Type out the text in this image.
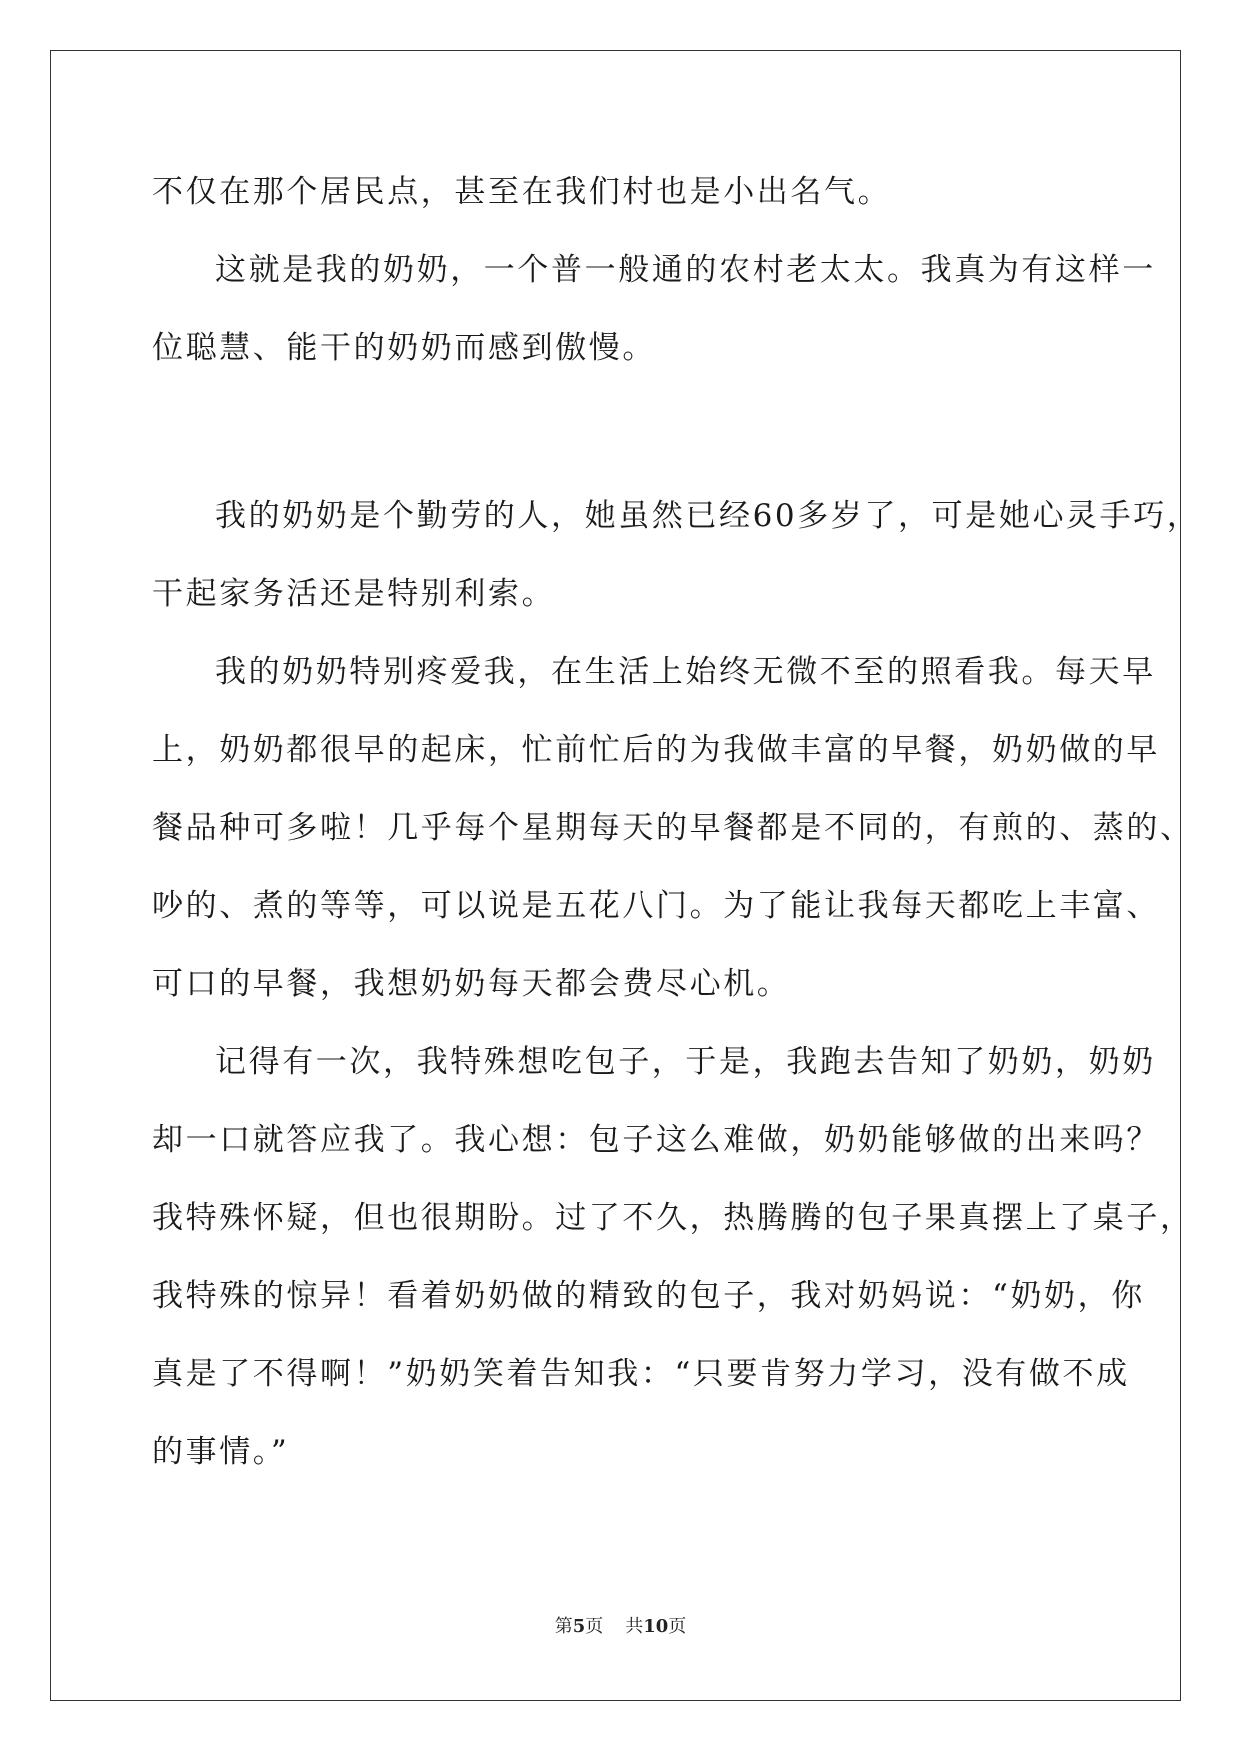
不仅在那个居民点，甚至在我们村也是小出名气。
这就是我的奶奶，一个普一般通的农村老太太。我真为有这样一
位聪慧、能干的奶奶而感到傲慢。
我的奶奶是个勤劳的人，她虽然已经60多岁了，可是她心灵手巧，
干起家务活还是特别利索。
我的奶奶特别疼爱我，在生活上始终无微不至的照看我。每天早
上，奶奶都很早的起床，忙前忙后的为我做丰富的早餐，奶奶做的早
餐品种可多啦！几乎每个星期每天的早餐都是不同的，有煎的、蒸的、
吵的、煮的等等，可以说是五花八门。为了能让我每天都吃上丰富、
可口的早餐，我想奶奶每天都会费尽心机。
记得有一次，我特殊想吃包子，于是，我跑去告知了奶奶，奶奶
却一口就答应我了。我心想：包子这么难做，奶奶能够做的出来吗？
我特殊怀疑，但也很期盼。过了不久，热腾腾的包子果真摆上了桌子，
我特殊的惊异！看着奶奶做的精致的包子，我对奶妈说：“奶奶，你
真是了不得啊！”奶奶笑着告知我：“只要肯努力学习，没有做不成
的事情。”
第5页 共10页
